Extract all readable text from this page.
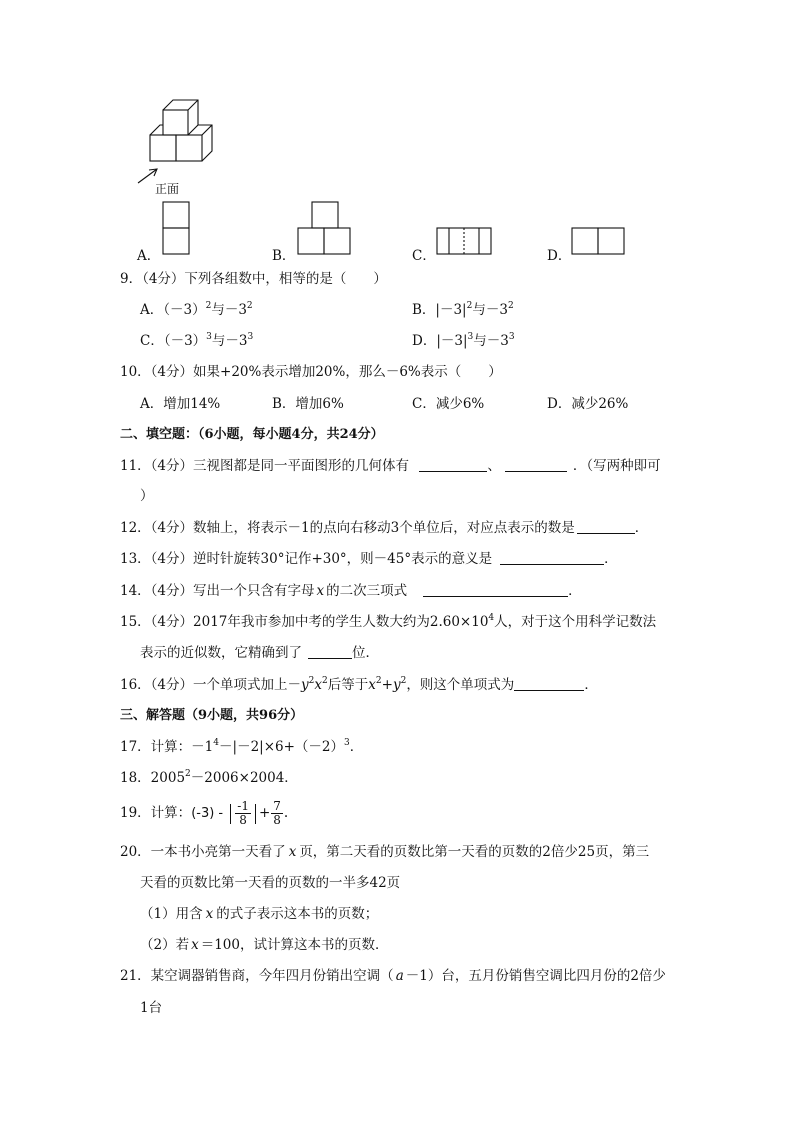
正面
A．	B．	C．	D．
9．（4分）下列各组数中，相等的是（　　）
A．$(-3)^2$与$-3^2$	B．$|-3|^2$与$-3^2$
C．$(-3)^3$与$-3^3$	D．$|-3|^3$与$-3^3$
10．（4分）如果+20%表示增加20%，那么－6%表示（　　）
A．增加14%	B．增加6%	C．减少6%	D．减少26%
二、填空题：（6小题，每小题4分，共24分）
11．（4分）三视图都是同一平面图形的几何体有	、	．（写两种即可
）
12．（4分）数轴上，将表示－1的点向右移动3个单位后，对应点表示的数是	．
13．（4分）逆时针旋转30°记作+30°，则－45°表示的意义是	．
14．（4分）写出一个只含有字母 x 的二次三项式	．
15．（4分）2017年我市参加中考的学生人数大约为$2.60\times 10^4$人，对于这个用科学记数法
表示的近似数，它精确到了	位．
16．（4分）一个单项式加上$-y^2x^2$后等于$x^2+y^2$，则这个单项式为	．
三、解答题（9小题，共96分）
17．计算：$-1^4-|-2|\times 6+(-2)^3$．
18．$2005^2-2006\times 2004$．
19．计算：$(-3) - \frac{-1}{8} + \frac{7}{8}$ .
20．一本书小亮第一天看了 x 页，第二天看的页数比第一天看的页数的2倍少25页，第三
天看的页数比第一天看的页数的一半多42页
（1）用含 x 的式子表示这本书的页数；
（2）若 x ＝100，试计算这本书的页数．
21．某空调器销售商，今年四月份销出空调（ a －1）台，五月份销售空调比四月份的2倍少
1台
